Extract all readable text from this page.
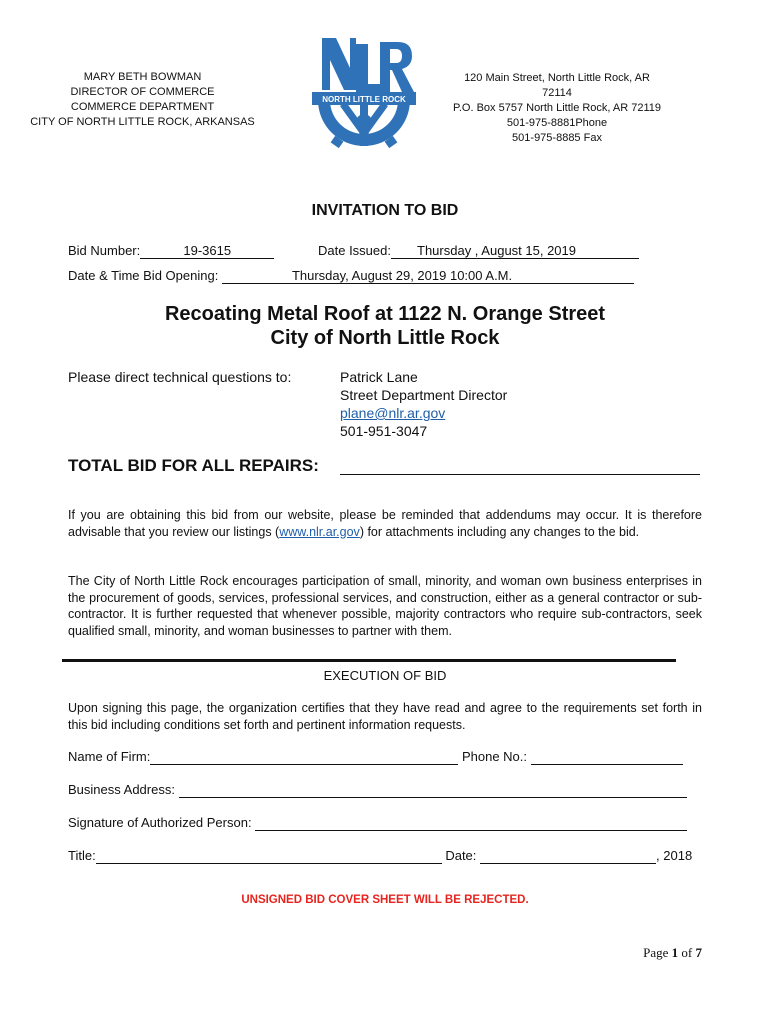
MARY BETH BOWMAN
DIRECTOR OF COMMERCE
COMMERCE DEPARTMENT
CITY OF NORTH LITTLE ROCK, ARKANSAS
NORTH LITTLE ROCK
120 Main Street, North Little Rock, AR 72114
P.O. Box 5757 North Little Rock, AR 72119
501-975-8881Phone
501-975-8885 Fax
INVITATION TO BID
Bid Number:	19-3615	Date Issued: Thursday , August 15, 2019
Date & Time Bid Opening:	Thursday, August 29, 2019 10:00 A.M.
Recoating Metal Roof at 1122 N. Orange Street
City of North Little Rock
Please direct technical questions to:	Patrick Lane
Street Department Director
plane@nlr.ar.gov
501-951-3047
TOTAL BID FOR ALL REPAIRS:
If you are obtaining this bid from our website, please be reminded that addendums may occur. It is therefore advisable that you review our listings (www.nlr.ar.gov) for attachments including any changes to the bid.
The City of North Little Rock encourages participation of small, minority, and woman own business enterprises in the procurement of goods, services, professional services, and construction, either as a general contractor or sub-contractor. It is further requested that whenever possible, majority contractors who require sub-contractors, seek qualified small, minority, and woman businesses to partner with them.
EXECUTION OF BID
Upon signing this page, the organization certifies that they have read and agree to the requirements set forth in this bid including conditions set forth and pertinent information requests.
Name of Firm:	Phone No.:
Business Address:
Signature of Authorized Person:
Title:	Date:	, 2018
UNSIGNED BID COVER SHEET WILL BE REJECTED.
Page 1 of 7
